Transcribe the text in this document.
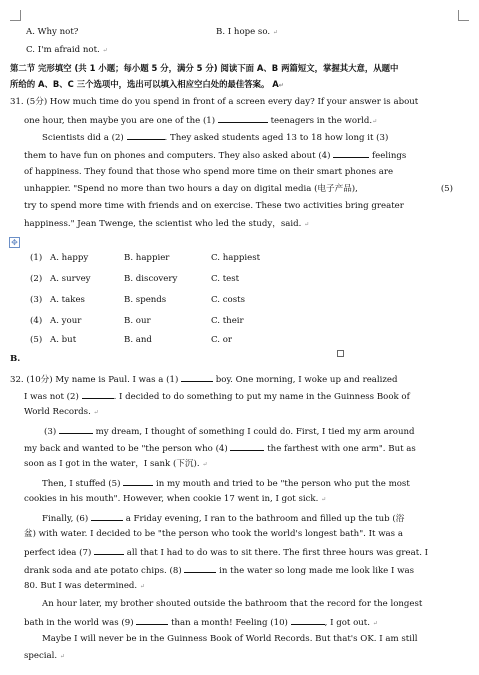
A. Why not?	B. I hope so. ↵
C. I'm afraid not. ↵
第二节 完形填空 (共 1 小题；每小题 5 分，满分 5 分) 阅读下面 A、B 两篇短文，掌握其大意，从题中
所给的 A、B、C 三个选项中，选出可以填入相应空白处的最佳答案。 A↵
31. (5分) How much time do you spend in front of a screen every day? If your answer is about
one hour, then maybe you are one of the (1)	teenagers in the world.↵
Scientists did a (2)	. They asked students aged 13 to 18 how long it (3)
them to have fun on phones and computers. They also asked about (4)	feelings
of happiness. They found that those who spend more time on their smart phones are
unhappier. "Spend no more than two hours a day on digital media (电子产品),	(5)
try to spend more time with friends and on exercise. These two activities bring greater
happiness." Jean Twenge, the scientist who led the study，said. ↵
✥
(1) A. happy	B. happier	C. happiest
(2) A. survey	B. discovery	C. test
(3) A. takes	B. spends	C. costs
(4) A. your	B. our	C. their
(5) A. but	B. and	C. or
B.
32. (10分) My name is Paul. I was a (1)	boy. One morning, I woke up and realized
I was not (2)	. I decided to do something to put my name in the Guinness Book of
World Records. ↵
(3)	my dream, I thought of something I could do. First, I tied my arm around
my back and wanted to be "the person who (4)	the farthest with one arm". But as
soon as I got in the water，I sank (下沉). ↵
Then, I stuffed (5)	in my mouth and tried to be "the person who put the most
cookies in his mouth". However, when cookie 17 went in, I got sick. ↵
Finally, (6)	a Friday evening, I ran to the bathroom and filled up the tub (浴
盆) with water. I decided to be "the person who took the world's longest bath". It was a
perfect idea (7)	all that I had to do was to sit there. The first three hours was great. I
drank soda and ate potato chips. (8)	in the water so long made me look like I was
80. But I was determined. ↵
An hour later, my brother shouted outside the bathroom that the record for the longest
bath in the world was (9)	than a month! Feeling (10)	, I got out. ↵
Maybe I will never be in the Guinness Book of World Records. But that's OK. I am still
special. ↵
